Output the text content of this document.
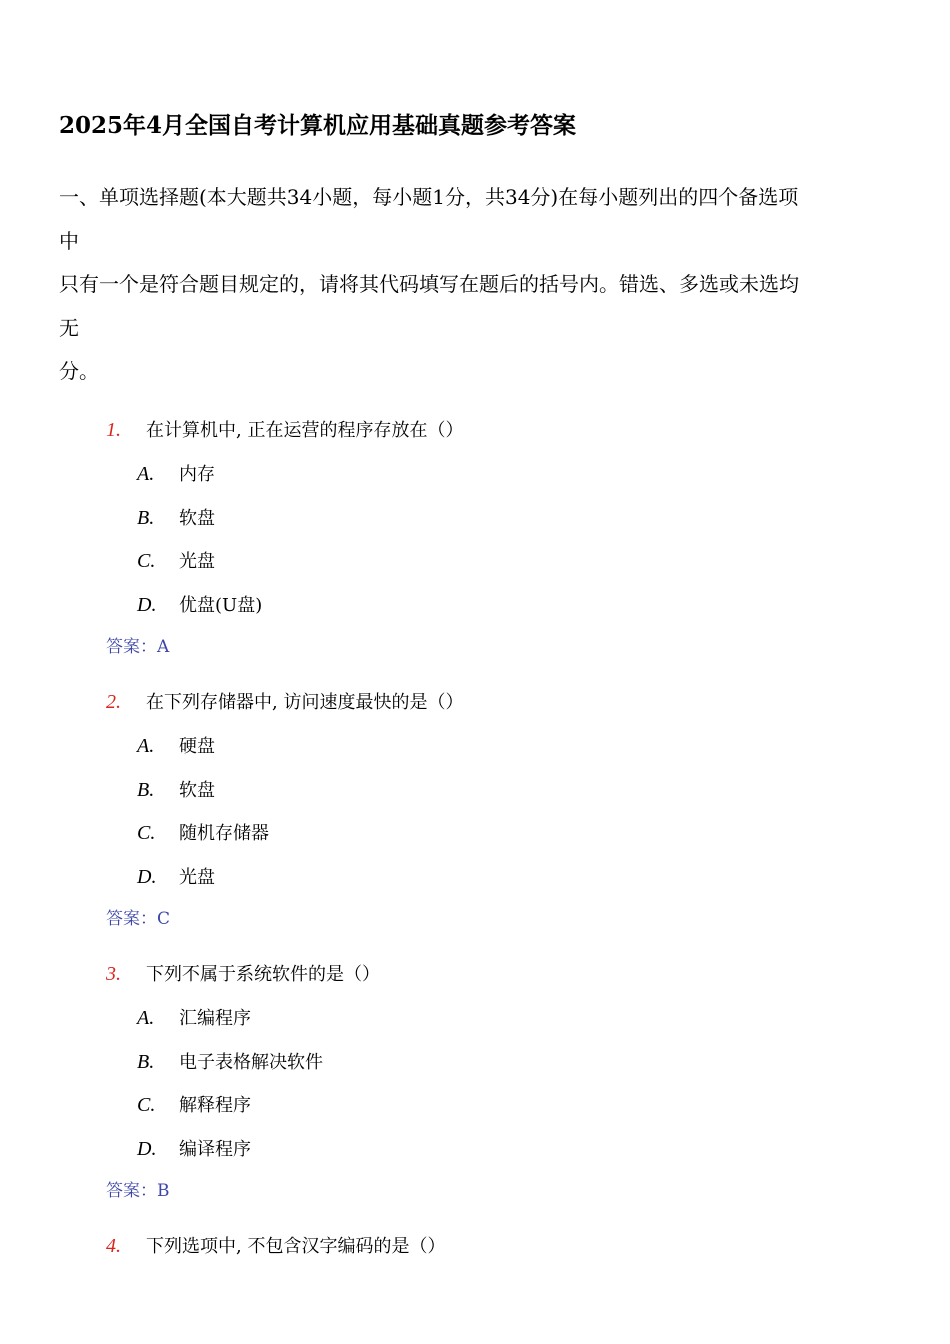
2025年4月全国自考计算机应用基础真题参考答案
一、单项选择题(本大题共34小题，每小题1分，共34分)在每小题列出的四个备选项
中
只有一个是符合题目规定的，请将其代码填写在题后的括号内。错选、多选或未选均
无
分。
1. 在计算机中, 正在运营的程序存放在（）
A. 内存
B. 软盘
C. 光盘
D. 优盘(U盘)
答案：A
2. 在下列存储器中, 访问速度最快的是（）
A. 硬盘
B. 软盘
C. 随机存储器
D. 光盘
答案：C
3. 下列不属于系统软件的是（）
A. 汇编程序
B. 电子表格解决软件
C. 解释程序
D. 编译程序
答案：B
4. 下列选项中, 不包含汉字编码的是（）
